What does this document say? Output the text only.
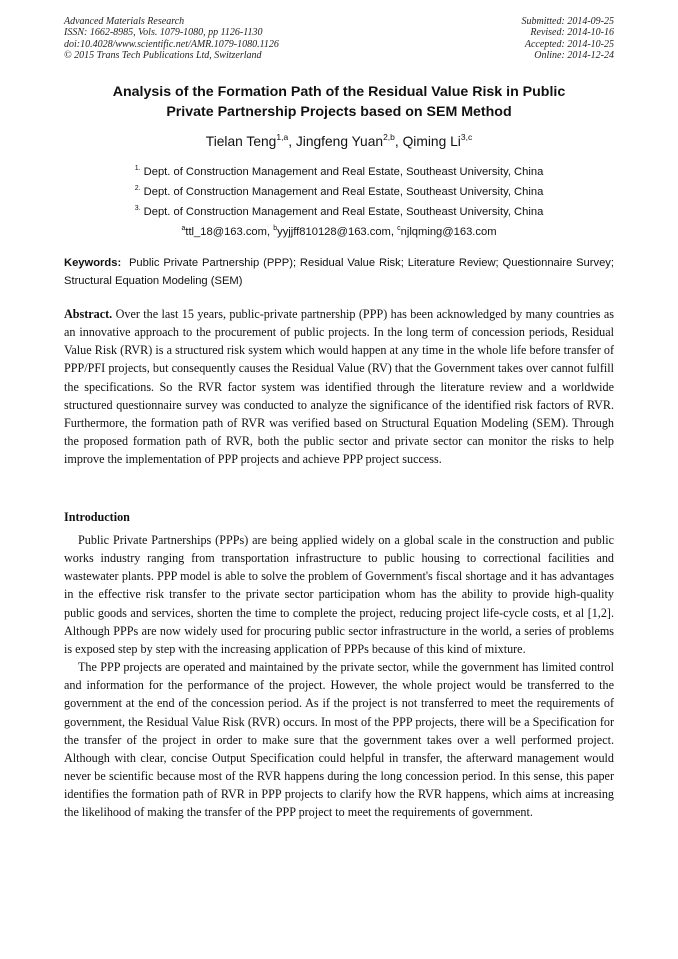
Advanced Materials Research
ISSN: 1662-8985, Vols. 1079-1080, pp 1126-1130
doi:10.4028/www.scientific.net/AMR.1079-1080.1126
© 2015 Trans Tech Publications Ltd, Switzerland
Submitted: 2014-09-25
Revised: 2014-10-16
Accepted: 2014-10-25
Online: 2014-12-24
Analysis of the Formation Path of the Residual Value Risk in Public
Private Partnership Projects based on SEM Method
Tielan Teng$^{1,a}$, Jingfeng Yuan$^{2,b}$, Qiming Li$^{3,c}$
$^{1.}$ Dept. of Construction Management and Real Estate, Southeast University, China
$^{2.}$ Dept. of Construction Management and Real Estate, Southeast University, China
$^{3.}$ Dept. of Construction Management and Real Estate, Southeast University, China
$^a$ttl_18@163.com, $^b$yyjjff810128@163.com, $^c$njlqming@163.com
Keywords: Public Private Partnership (PPP); Residual Value Risk; Literature Review; Questionnaire Survey; Structural Equation Modeling (SEM)
Abstract. Over the last 15 years, public-private partnership (PPP) has been acknowledged by many countries as an innovative approach to the procurement of public projects. In the long term of concession periods, Residual Value Risk (RVR) is a structured risk system which would happen at any time in the whole life before transfer of PPP/PFI projects, but consequently causes the Residual Value (RV) that the Government takes over cannot fulfill the specifications. So the RVR factor system was identified through the literature review and a worldwide structured questionnaire survey was conducted to analyze the significance of the identified risk factors of RVR. Furthermore, the formation path of RVR was verified based on Structural Equation Modeling (SEM). Through the proposed formation path of RVR, both the public sector and private sector can monitor the risks to help improve the implementation of PPP projects and achieve PPP project success.
Introduction

Public Private Partnerships (PPPs) are being applied widely on a global scale in the construction and public works industry ranging from transportation infrastructure to public housing to correctional facilities and wastewater plants. PPP model is able to solve the problem of Government's fiscal shortage and it has advantages in the effective risk transfer to the private sector participation whom has the ability to provide high-quality public goods and services, shorten the time to complete the project, reducing project life-cycle costs, et al [1,2]. Although PPPs are now widely used for procuring public sector infrastructure in the world, a series of problems is exposed step by step with the increasing application of PPPs because of this kind of mixture.

The PPP projects are operated and maintained by the private sector, while the government has limited control and information for the performance of the project. However, the whole project would be transferred to the government at the end of the concession period. As if the project is not transferred to meet the requirements of government, the Residual Value Risk (RVR) occurs. In most of the PPP projects, there will be a Specification for the transfer of the project in order to make sure that the government takes over a well performed project. Although with clear, concise Output Specification could helpful in transfer, the afterward management would never be scientific because most of the RVR happens during the long concession period. In this sense, this paper identifies the formation path of RVR in PPP projects to clarify how the RVR happens, which aims at increasing the likelihood of making the transfer of the PPP project to meet the requirements of government.
